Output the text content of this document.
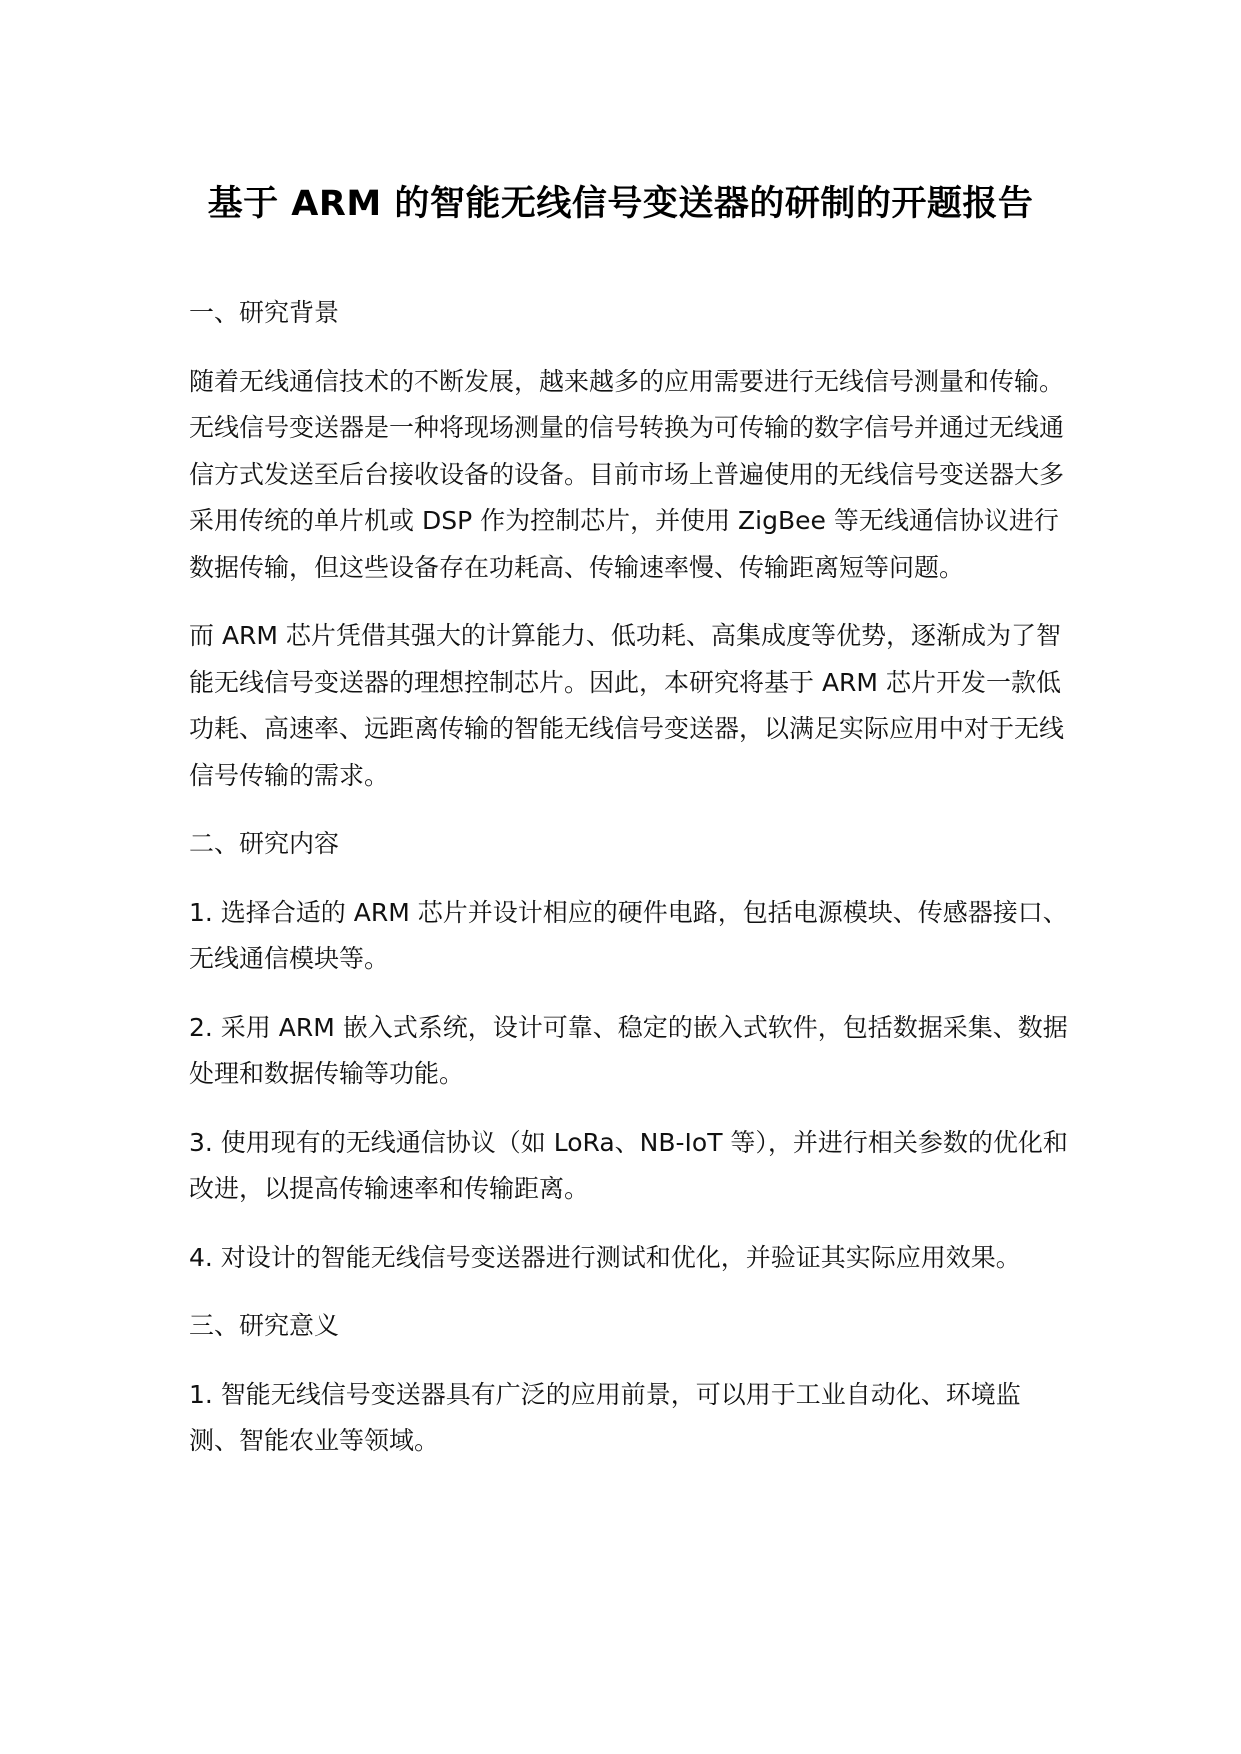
基于 ARM 的智能无线信号变送器的研制的开题报告

一、研究背景

随着无线通信技术的不断发展，越来越多的应用需要进行无线信号测量和传输。无线信号变送器是一种将现场测量的信号转换为可传输的数字信号并通过无线通信方式发送至后台接收设备的设备。目前市场上普遍使用的无线信号变送器大多采用传统的单片机或 DSP 作为控制芯片，并使用 ZigBee 等无线通信协议进行数据传输，但这些设备存在功耗高、传输速率慢、传输距离短等问题。

而 ARM 芯片凭借其强大的计算能力、低功耗、高集成度等优势，逐渐成为了智能无线信号变送器的理想控制芯片。因此，本研究将基于 ARM 芯片开发一款低功耗、高速率、远距离传输的智能无线信号变送器，以满足实际应用中对于无线信号传输的需求。

二、研究内容

1. 选择合适的 ARM 芯片并设计相应的硬件电路，包括电源模块、传感器接口、无线通信模块等。

2. 采用 ARM 嵌入式系统，设计可靠、稳定的嵌入式软件，包括数据采集、数据处理和数据传输等功能。

3. 使用现有的无线通信协议（如 LoRa、NB-IoT 等），并进行相关参数的优化和改进，以提高传输速率和传输距离。

4. 对设计的智能无线信号变送器进行测试和优化，并验证其实际应用效果。

三、研究意义

1. 智能无线信号变送器具有广泛的应用前景，可以用于工业自动化、环境监测、智能农业等领域。
